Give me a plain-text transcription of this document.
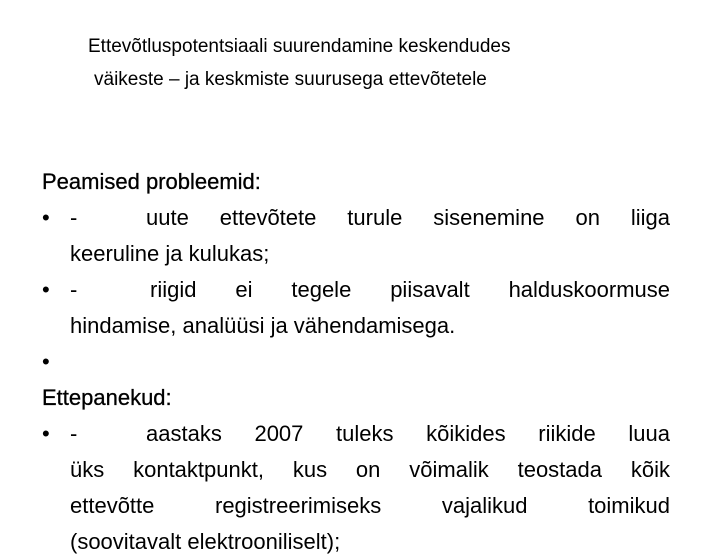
Ettevõtluspotentsiaali suurendamine keskendudes
väikeste – ja keskmiste suurusega ettevõtetele
Peamised probleemid:
• -	uute ettevõtete turule sisenemine on liiga
keeruline ja kulukas;
• -	riigid ei tegele piisavalt halduskoormuse
hindamise, analüüsi ja vähendamisega.
•

Ettepanekud:
• -	aastaks 2007 tuleks kõikides riikide luua
üks kontaktpunkt, kus on võimalik teostada kõik
ettevõtte registreerimiseks vajalikud toimikud
(soovitavalt elektrooniliselt);
